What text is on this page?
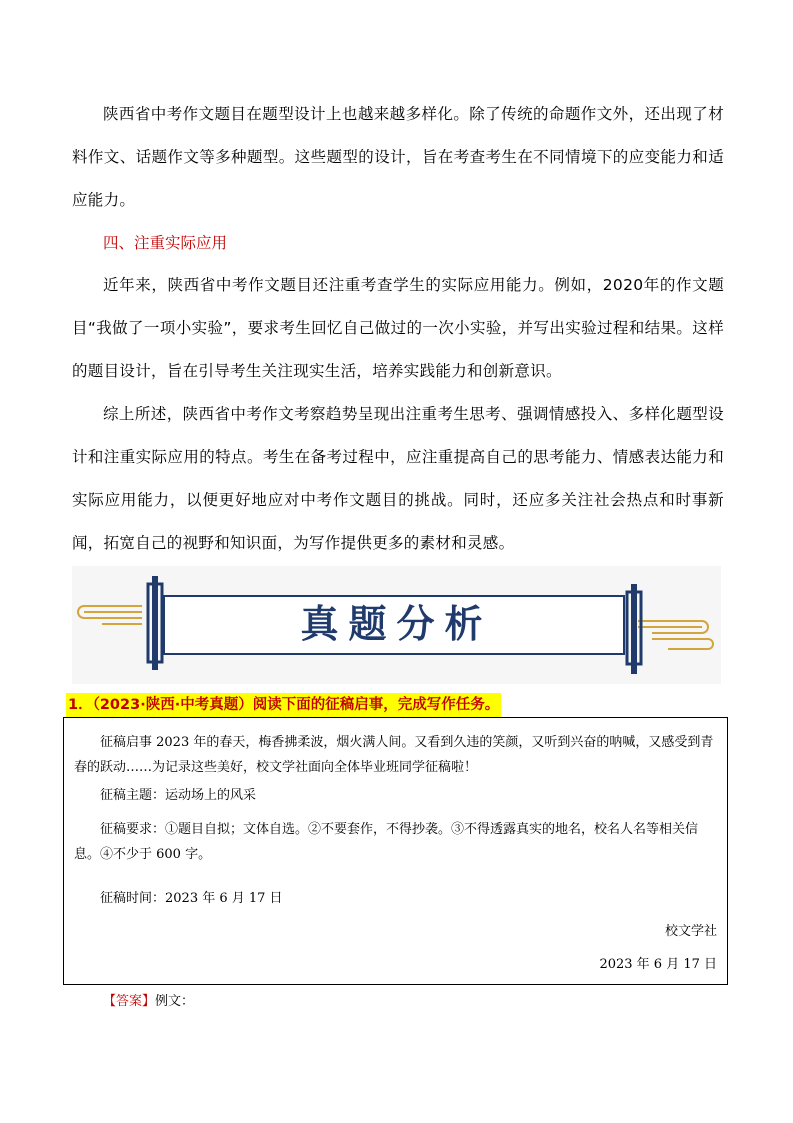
陕西省中考作文题目在题型设计上也越来越多样化。除了传统的命题作文外，还出现了材料作文、话题作文等多种题型。这些题型的设计，旨在考查考生在不同情境下的应变能力和适应能力。

四、注重实际应用

近年来，陕西省中考作文题目还注重考查学生的实际应用能力。例如，2020年的作文题目“我做了一项小实验”，要求考生回忆自己做过的一次小实验，并写出实验过程和结果。这样的题目设计，旨在引导考生关注现实生活，培养实践能力和创新意识。

综上所述，陕西省中考作文考察趋势呈现出注重考生思考、强调情感投入、多样化题型设计和注重实际应用的特点。考生在备考过程中，应注重提高自己的思考能力、情感表达能力和实际应用能力，以便更好地应对中考作文题目的挑战。同时，还应多关注社会热点和时事新闻，拓宽自己的视野和知识面，为写作提供更多的素材和灵感。

真题分析
1．（2023·陕西·中考真题）阅读下面的征稿启事，完成写作任务。

征稿启事 2023 年的春天，梅香拂柔波，烟火满人间。又看到久违的笑颜，又听到兴奋的呐喊，又感受到青春的跃动……为记录这些美好，校文学社面向全体毕业班同学征稿啦！

征稿主题：运动场上的风采

征稿要求：①题目自拟；文体自选。②不要套作，不得抄袭。③不得透露真实的地名，校名人名等相关信息。④不少于 600 字。

征稿时间：2023 年 6 月 17 日

校文学社

2023 年 6 月 17 日

【答案】例文：
